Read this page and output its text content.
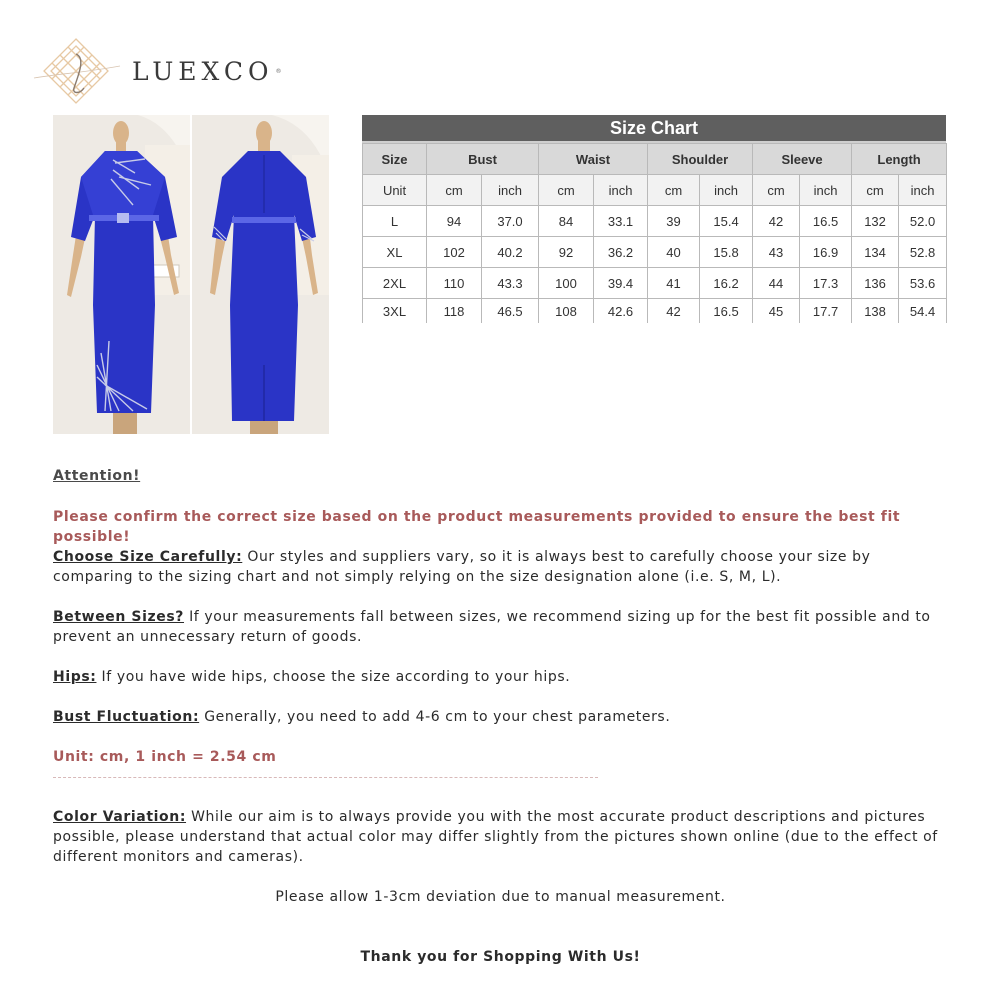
LUEXCO ®
Size Chart
Size	Bust		Waist		Shoulder		Sleeve		Length	
Unit	cm	inch	cm	inch	cm	inch	cm	inch	cm	inch
L	94	37.0	84	33.1	39	15.4	42	16.5	132	52.0
XL	102	40.2	92	36.2	40	15.8	43	16.9	134	52.8
2XL	110	43.3	100	39.4	41	16.2	44	17.3	136	53.6
3XL	118	46.5	108	42.6	42	16.5	45	17.7	138	54.4
Attention!
Please confirm the correct size based on the product measurements provided to ensure the best fit possible!
Choose Size Carefully: Our styles and suppliers vary, so it is always best to carefully choose your size by comparing to the sizing chart and not simply relying on the size designation alone (i.e. S, M, L).
Between Sizes? If your measurements fall between sizes, we recommend sizing up for the best fit possible and to prevent an unnecessary return of goods.
Hips: If you have wide hips, choose the size according to your hips.
Bust Fluctuation: Generally, you need to add 4-6 cm to your chest parameters.
Unit: cm, 1 inch = 2.54 cm
Color Variation: While our aim is to always provide you with the most accurate product descriptions and pictures possible, please understand that actual color may differ slightly from the pictures shown online (due to the effect of different monitors and cameras).
Please allow 1-3cm deviation due to manual measurement.
Thank you for Shopping With Us!
